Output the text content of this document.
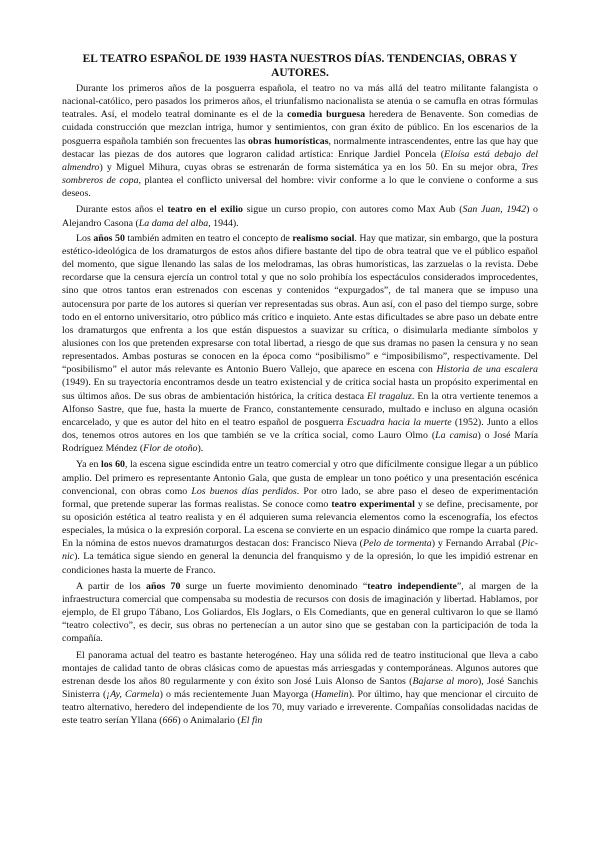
EL TEATRO ESPAÑOL DE 1939 HASTA NUESTROS DÍAS. TENDENCIAS, OBRAS Y AUTORES.

Durante los primeros años de la posguerra española, el teatro no va más allá del teatro militante falangista o nacional-católico, pero pasados los primeros años, el triunfalismo nacionalista se atenúa o se camufla en otras fórmulas teatrales. Así, el modelo teatral dominante es el de la comedia burguesa heredera de Benavente. Son comedias de cuidada construcción que mezclan intriga, humor y sentimientos, con gran éxito de público. En los escenarios de la posguerra española también son frecuentes las obras humorísticas, normalmente intrascendentes, entre las que hay que destacar las piezas de dos autores que lograron calidad artística: Enrique Jardiel Poncela (Eloísa está debajo del almendro) y Miguel Mihura, cuyas obras se estrenarán de forma sistemática ya en los 50. En su mejor obra, Tres sombreros de copa, plantea el conflicto universal del hombre: vivir conforme a lo que le conviene o conforme a sus deseos.

Durante estos años el teatro en el exilio sigue un curso propio, con autores como Max Aub (San Juan, 1942) o Alejandro Casona (La dama del alba, 1944).

Los años 50 también admiten en teatro el concepto de realismo social. Hay que matizar, sin embargo, que la postura estético-ideológica de los dramaturgos de estos años difiere bastante del tipo de obra teatral que ve el público español del momento, que sigue llenando las salas de los melodramas, las obras humorísticas, las zarzuelas o la revista. Debe recordarse que la censura ejercía un control total y que no solo prohibía los espectáculos considerados improcedentes, sino que otros tantos eran estrenados con escenas y contenidos “expurgados”, de tal manera que se impuso una autocensura por parte de los autores si querían ver representadas sus obras. Aun así, con el paso del tiempo surge, sobre todo en el entorno universitario, otro público más crítico e inquieto. Ante estas dificultades se abre paso un debate entre los dramaturgos que enfrenta a los que están dispuestos a suavizar su crítica, o disimularla mediante símbolos y alusiones con los que pretenden expresarse con total libertad, a riesgo de que sus dramas no pasen la censura y no sean representados. Ambas posturas se conocen en la época como “posibilismo” e “imposibilismo”, respectivamente. Del “posibilismo” el autor más relevante es Antonio Buero Vallejo, que aparece en escena con Historia de una escalera (1949). En su trayectoria encontramos desde un teatro existencial y de crítica social hasta un propósito experimental en sus últimos años. De sus obras de ambientación histórica, la crítica destaca El tragaluz. En la otra vertiente tenemos a Alfonso Sastre, que fue, hasta la muerte de Franco, constantemente censurado, multado e incluso en alguna ocasión encarcelado, y que es autor del hito en el teatro español de posguerra Escuadra hacia la muerte (1952). Junto a ellos dos, tenemos otros autores en los que también se ve la crítica social, como Lauro Olmo (La camisa) o José María Rodríguez Méndez (Flor de otoño).

Ya en los 60, la escena sigue escindida entre un teatro comercial y otro que difícilmente consigue llegar a un público amplio. Del primero es representante Antonio Gala, que gusta de emplear un tono poético y una presentación escénica convencional, con obras como Los buenos días perdidos. Por otro lado, se abre paso el deseo de experimentación formal, que pretende superar las formas realistas. Se conoce como teatro experimental y se define, precisamente, por su oposición estética al teatro realista y en él adquieren suma relevancia elementos como la escenografía, los efectos especiales, la música o la expresión corporal. La escena se convierte en un espacio dinámico que rompe la cuarta pared. En la nómina de estos nuevos dramaturgos destacan dos: Francisco Nieva (Pelo de tormenta) y Fernando Arrabal (Pic-nic). La temática sigue siendo en general la denuncia del franquismo y de la opresión, lo que les impidió estrenar en condiciones hasta la muerte de Franco.

A partir de los años 70 surge un fuerte movimiento denominado “teatro independiente”, al margen de la infraestructura comercial que compensaba su modestia de recursos con dosis de imaginación y libertad. Hablamos, por ejemplo, de El grupo Tábano, Los Goliardos, Els Joglars, o Els Comediants, que en general cultivaron lo que se llamó “teatro colectivo”, es decir, sus obras no pertenecían a un autor sino que se gestaban con la participación de toda la compañía.

El panorama actual del teatro es bastante heterogéneo. Hay una sólida red de teatro institucional que lleva a cabo montajes de calidad tanto de obras clásicas como de apuestas más arriesgadas y contemporáneas. Algunos autores que estrenan desde los años 80 regularmente y con éxito son José Luis Alonso de Santos (Bajarse al moro), José Sanchis Sinisterra (¡Ay, Carmela) o más recientemente Juan Mayorga (Hamelin). Por último, hay que mencionar el circuito de teatro alternativo, heredero del independiente de los 70, muy variado e irreverente. Compañías consolidadas nacidas de este teatro serían Yllana (666) o Animalario (El fin
